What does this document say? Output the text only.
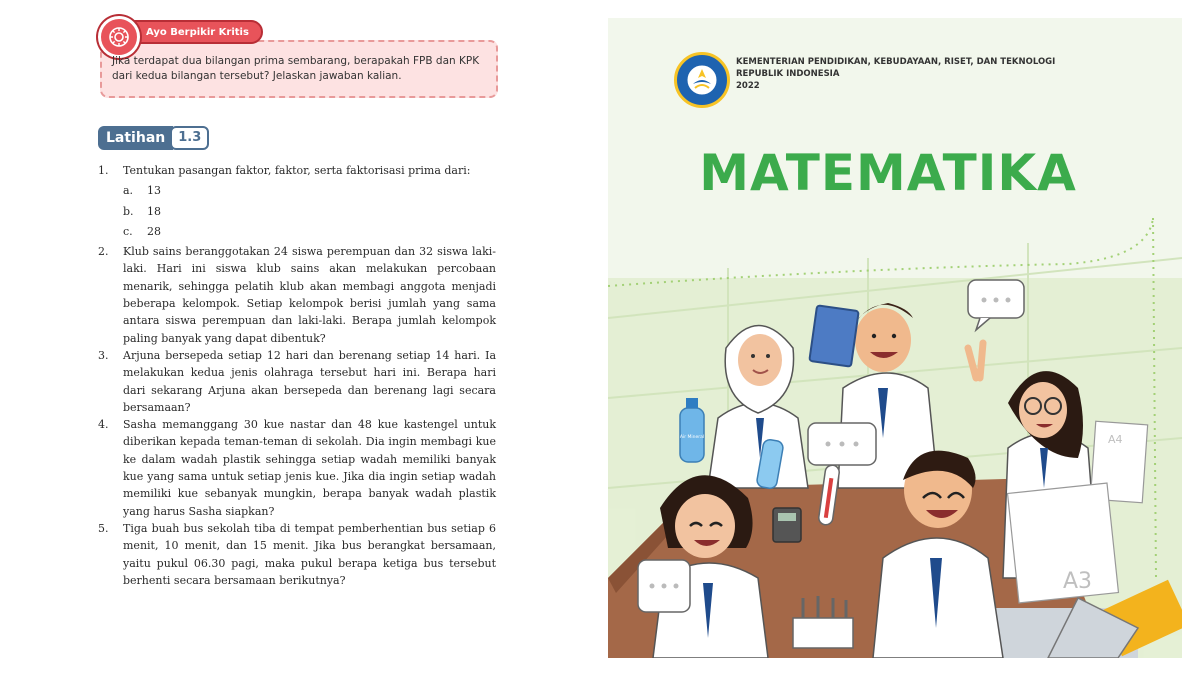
Ayo Berpikir Kritis
Jika terdapat dua bilangan prima sembarang, berapakah FPB dan KPK dari kedua bilangan tersebut? Jelaskan jawaban kalian.
Latihan	1.3
1.	Tentukan pasangan faktor, faktor, serta faktorisasi prima dari:
a.	13
b.	18
c.	28
2.	Klub sains beranggotakan 24 siswa perempuan dan 32 siswa laki-laki. Hari ini siswa klub sains akan melakukan percobaan menarik, sehingga pelatih klub akan membagi anggota menjadi beberapa kelompok. Setiap kelompok berisi jumlah yang sama antara siswa perempuan dan laki-laki. Berapa jumlah kelompok paling banyak yang dapat dibentuk?
3.	Arjuna bersepeda setiap 12 hari dan berenang setiap 14 hari. Ia melakukan kedua jenis olahraga tersebut hari ini. Berapa hari dari sekarang Arjuna akan bersepeda dan berenang lagi secara bersamaan?
4.	Sasha memanggang 30 kue nastar dan 48 kue kastengel untuk diberikan kepada teman-teman di sekolah. Dia ingin membagi kue ke dalam wadah plastik sehingga setiap wadah memiliki banyak kue yang sama untuk setiap jenis kue. Jika dia ingin setiap wadah memiliki kue sebanyak mungkin, berapa banyak wadah plastik yang harus Sasha siapkan?
5.	Tiga buah bus sekolah tiba di tempat pemberhentian bus setiap 6 menit, 10 menit, dan 15 menit. Jika bus berangkat bersamaan, yaitu pukul 06.30 pagi, maka pukul berapa ketiga bus tersebut berhenti secara bersamaan berikutnya?
KEMENTERIAN PENDIDIKAN, KEBUDAYAAN, RISET, DAN TEKNOLOGI
REPUBLIK INDONESIA
2022
MATEMATIKA
Air Mineral	A4
A3
